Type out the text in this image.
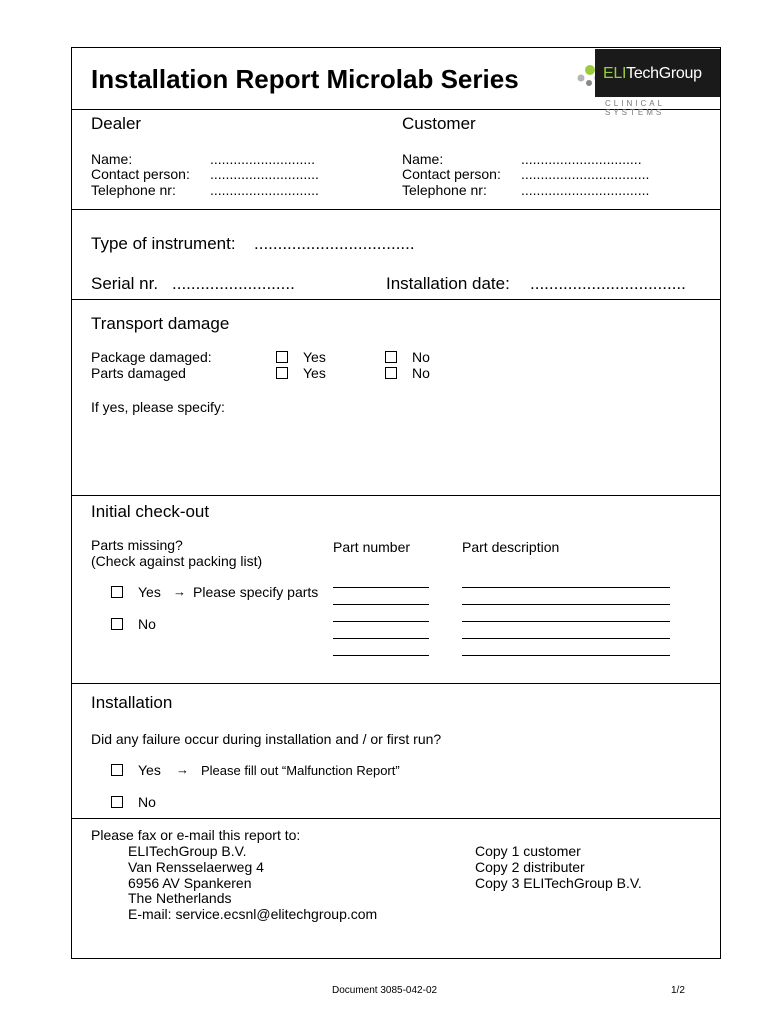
Installation Report Microlab Series	ELITechGroup
CLINICAL SYSTEMS
Dealer
Name:	...........................
Contact person: ............................
Telephone nr: ............................
Customer
Name:	...............................
Contact person: .................................
Telephone nr: .................................
Type of instrument: ..................................
Serial nr. ..........................	Installation date: .................................
Transport damage
Package damaged:	Yes	No
Parts damaged	Yes	No
If yes, please specify:
Initial check-out
Parts missing?
(Check against packing list)
Part number	Part description
Yes → Please specify parts
No
Installation
Did any failure occur during installation and / or first run?
Yes → Please fill out “Malfunction Report”
No
Please fax or e-mail this report to:
ELITechGroup B.V.
Van Rensselaerweg 4
6956 AV Spankeren
The Netherlands
E-mail: service.ecsnl@elitechgroup.com
Copy 1 customer
Copy 2 distributer
Copy 3 ELITechGroup B.V.
Document 3085-042-02	1/2
